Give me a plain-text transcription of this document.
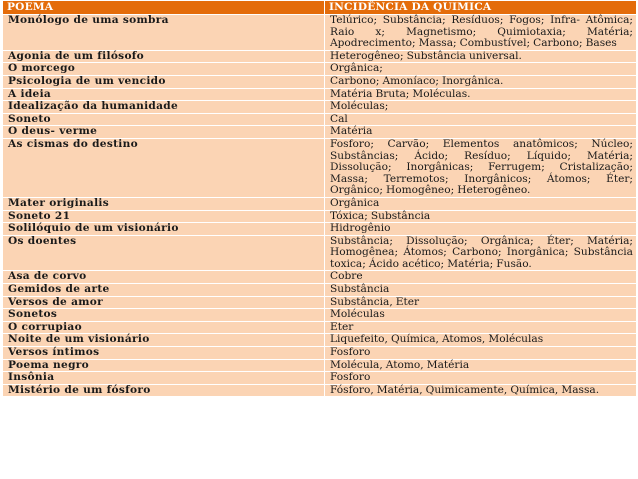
POEMA	INCIDÊNCIA DA QUIMICA
Monólogo de uma sombra	Telúrico; Substância; Resíduos; Fogos; Infra- Atômica; Raio x; Magnetismo; Quimiotaxia; Matéria; Apodrecimento; Massa; Combustível; Carbono; Bases
Agonia de um filósofo	Heterogêneo; Substância universal.
O morcego	Orgânica;
Psicologia de um vencido	Carbono; Amoníaco; Inorgânica.
A ideia	Matéria Bruta; Moléculas.
Idealização da humanidade	Moléculas;
Soneto	Cal
O deus- verme	Matéria
As cismas do destino	Fosforo; Carvão; Elementos anatômicos; Núcleo; Substâncias; Ácido; Resíduo; Líquido; Matéria; Dissolução; Inorgânicas; Ferrugem; Cristalização; Massa; Terremotos; Inorgânicos; Átomos; Éter; Orgânico; Homogêneo; Heterogêneo.
Mater originalis	Orgânica
Soneto 21	Tóxica; Substância
Solilóquio de um visionário	Hidrogênio
Os doentes	Substância; Dissolução; Orgânica; Éter; Matéria; Homogênea; Átomos; Carbono; Inorgânica; Substância toxica; Ácido acético; Matéria; Fusão.
Asa de corvo	Cobre
Gemidos de arte	Substância
Versos de amor	Substância, Eter
Sonetos	Moléculas
O corrupiao	Eter
Noite de um visionário	Liquefeito, Química, Atomos, Moléculas
Versos íntimos	Fosforo
Poema negro	Molécula, Atomo, Matéria
Insônia	Fosforo
Mistério de um fósforo	Fósforo, Matéria, Quimicamente, Química, Massa.
